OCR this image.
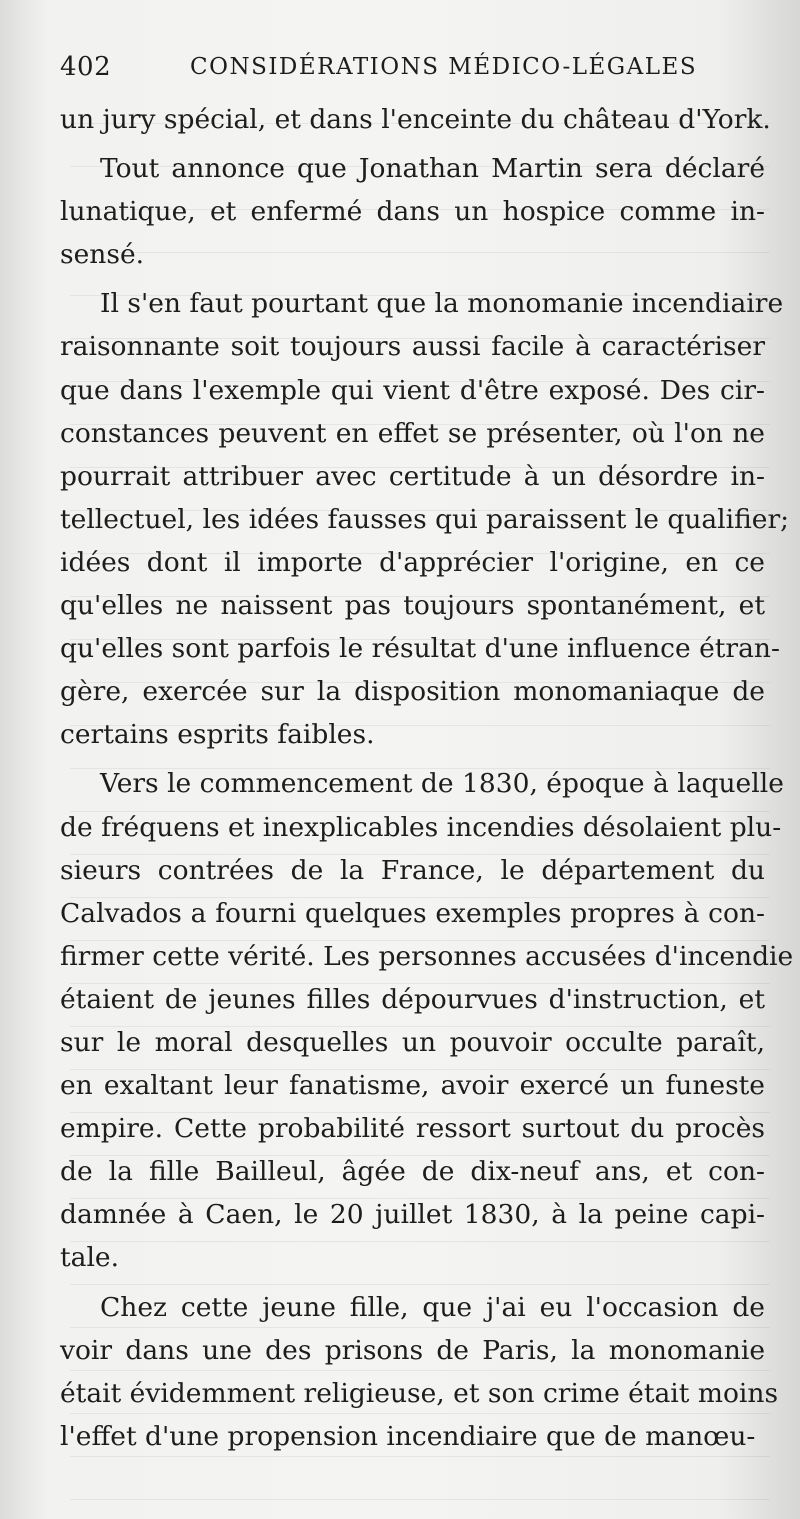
402	CONSIDÉRATIONS MÉDICO-LÉGALES
un jury spécial, et dans l'enceinte du château d'York.
Tout annonce que Jonathan Martin sera déclaré
lunatique, et enfermé dans un hospice comme in-
sensé.
Il s'en faut pourtant que la monomanie incendiaire
raisonnante soit toujours aussi facile à caractériser
que dans l'exemple qui vient d'être exposé. Des cir-
constances peuvent en effet se présenter, où l'on ne
pourrait attribuer avec certitude à un désordre in-
tellectuel, les idées fausses qui paraissent le qualifier;
idées dont il importe d'apprécier l'origine, en ce
qu'elles ne naissent pas toujours spontanément, et
qu'elles sont parfois le résultat d'une influence étran-
gère, exercée sur la disposition monomaniaque de
certains esprits faibles.
Vers le commencement de 1830, époque à laquelle
de fréquens et inexplicables incendies désolaient plu-
sieurs contrées de la France, le département du
Calvados a fourni quelques exemples propres à con-
firmer cette vérité. Les personnes accusées d'incendie
étaient de jeunes filles dépourvues d'instruction, et
sur le moral desquelles un pouvoir occulte paraît,
en exaltant leur fanatisme, avoir exercé un funeste
empire. Cette probabilité ressort surtout du procès
de la fille Bailleul, âgée de dix-neuf ans, et con-
damnée à Caen, le 20 juillet 1830, à la peine capi-
tale.
Chez cette jeune fille, que j'ai eu l'occasion de
voir dans une des prisons de Paris, la monomanie
était évidemment religieuse, et son crime était moins
l'effet d'une propension incendiaire que de manœu-
